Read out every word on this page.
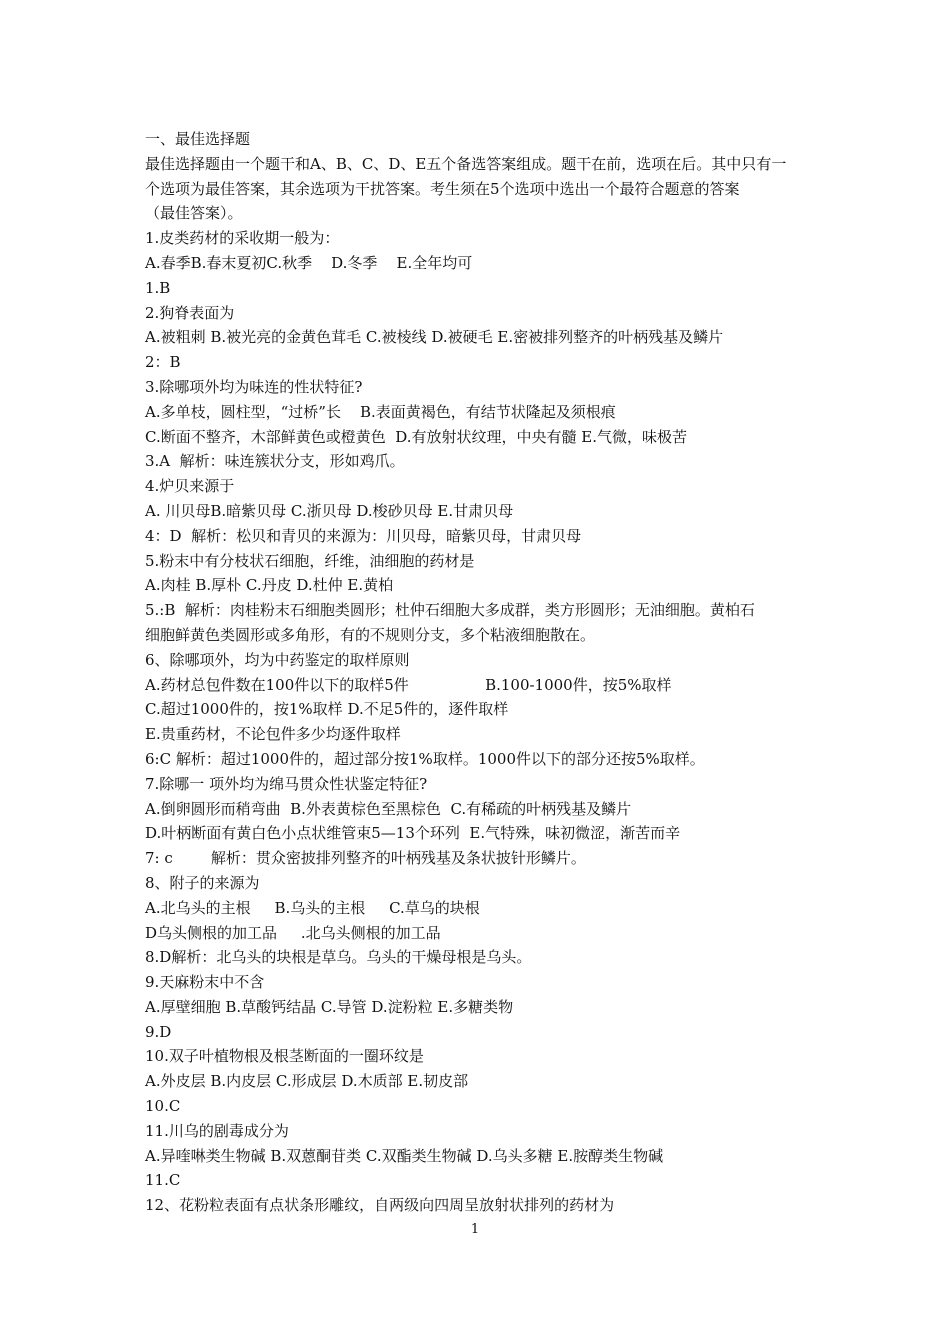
一、最佳选择题
最佳选择题由一个题干和A、B、C、D、E五个备选答案组成。题干在前，选项在后。其中只有一
个选项为最佳答案，其余选项为干扰答案。考生须在5个选项中选出一个最符合题意的答案
（最佳答案）。
1.皮类药材的采收期一般为：
A.春季B.春末夏初C.秋季    D.冬季    E.全年均可
1.B
2.狗脊表面为
A.被粗刺 B.被光亮的金黄色茸毛 C.被棱线 D.被硬毛 E.密被排列整齐的叶柄残基及鳞片
2：B
3.除哪项外均为味连的性状特征?
A.多单枝，圆柱型，“过桥”长    B.表面黄褐色，有结节状隆起及须根痕
C.断面不整齐，木部鲜黄色或橙黄色  D.有放射状纹理，中央有髓 E.气微，味极苦
3.A  解析：味连簇状分支，形如鸡爪。
4.炉贝来源于
A. 川贝母B.暗紫贝母 C.浙贝母 D.梭砂贝母 E.甘肃贝母
4：D  解析：松贝和青贝的来源为：川贝母，暗紫贝母，甘肃贝母
5.粉末中有分枝状石细胞，纤维，油细胞的药材是
A.肉桂 B.厚朴 C.丹皮 D.杜仲 E.黄柏
5.:B  解析：肉桂粉末石细胞类圆形；杜仲石细胞大多成群，类方形圆形；无油细胞。黄柏石
细胞鲜黄色类圆形或多角形，有的不规则分支，多个粘液细胞散在。
6、除哪项外，均为中药鉴定的取样原则
A.药材总包件数在100件以下的取样5件                B.100-1000件，按5%取样
C.超过1000件的，按1%取样 D.不足5件的，逐件取样
E.贵重药材，不论包件多少均逐件取样
6:C 解析：超过1000件的，超过部分按1%取样。1000件以下的部分还按5%取样。
7.除哪一 项外均为绵马贯众性状鉴定特征?
A.倒卵圆形而稍弯曲  B.外表黄棕色至黑棕色  C.有稀疏的叶柄残基及鳞片
D.叶柄断面有黄白色小点状维管束5—13个环列  E.气特殊，味初微涩，渐苦而辛
7: c        解析：贯众密披排列整齐的叶柄残基及条状披针形鳞片。
8、附子的来源为
A.北乌头的主根     B.乌头的主根     C.草乌的块根
D乌头侧根的加工品     .北乌头侧根的加工品
8.D解析：北乌头的块根是草乌。乌头的干燥母根是乌头。
9.天麻粉末中不含
A.厚壁细胞 B.草酸钙结晶 C.导管 D.淀粉粒 E.多糖类物
9.D
10.双子叶植物根及根茎断面的一圈环纹是
A.外皮层 B.内皮层 C.形成层 D.木质部 E.韧皮部
10.C
11.川乌的剧毒成分为
A.异喹啉类生物碱 B.双蒽酮苷类 C.双酯类生物碱 D.乌头多糖 E.胺醇类生物碱
11.C
12、花粉粒表面有点状条形雕纹，自两级向四周呈放射状排列的药材为
1
